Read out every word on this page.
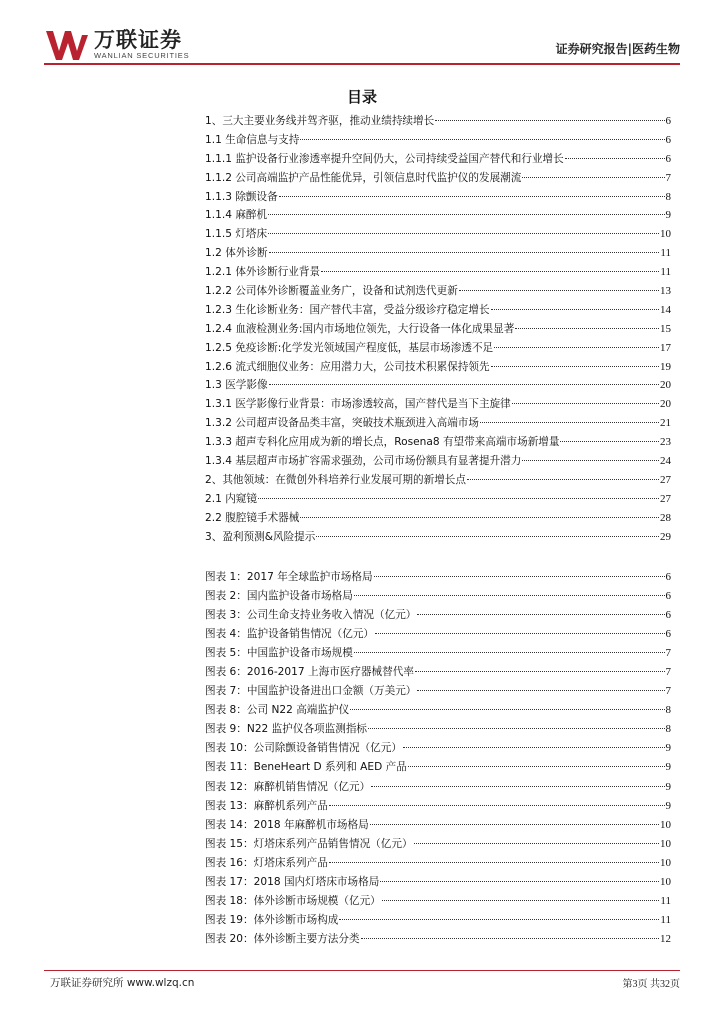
万联证券
WANLIAN SECURITIES	证券研究报告|医药生物
目录
1、三大主要业务线并驾齐驱，推动业绩持续增长	6
1.1 生命信息与支持	6
1.1.1 监护设备行业渗透率提升空间仍大，公司持续受益国产替代和行业增长	6
1.1.2 公司高端监护产品性能优异，引领信息时代监护仪的发展潮流	7
1.1.3 除颤设备	8
1.1.4 麻醉机	9
1.1.5 灯塔床	10
1.2 体外诊断	11
1.2.1 体外诊断行业背景	11
1.2.2 公司体外诊断覆盖业务广，设备和试剂迭代更新	13
1.2.3 生化诊断业务：国产替代丰富，受益分级诊疗稳定增长	14
1.2.4 血液检测业务:国内市场地位领先，大行设备一体化成果显著	15
1.2.5 免疫诊断:化学发光领域国产程度低，基层市场渗透不足	17
1.2.6 流式细胞仪业务：应用潜力大，公司技术积累保持领先	19
1.3 医学影像	20
1.3.1 医学影像行业背景：市场渗透较高，国产替代是当下主旋律	20
1.3.2 公司超声设备品类丰富，突破技术瓶颈进入高端市场	21
1.3.3 超声专科化应用成为新的增长点，Rosena8 有望带来高端市场新增量	23
1.3.4 基层超声市场扩容需求强劲，公司市场份额具有显著提升潜力	24
2、其他领域：在微创外科培养行业发展可期的新增长点	27
2.1 内窥镜	27
2.2 腹腔镜手术器械	28
3、盈利预测&风险提示	29
图表 1：2017 年全球监护市场格局	6
图表 2：国内监护设备市场格局	6
图表 3：公司生命支持业务收入情况（亿元）	6
图表 4：监护设备销售情况（亿元）	6
图表 5：中国监护设备市场规模	7
图表 6：2016-2017 上海市医疗器械替代率	7
图表 7：中国监护设备进出口金额（万美元）	7
图表 8：公司 N22 高端监护仪	8
图表 9：N22 监护仪各项监测指标	8
图表 10：公司除颤设备销售情况（亿元）	9
图表 11：BeneHeart D 系列和 AED 产品	9
图表 12：麻醉机销售情况（亿元）	9
图表 13：麻醉机系列产品	9
图表 14：2018 年麻醉机市场格局	10
图表 15：灯塔床系列产品销售情况（亿元）	10
图表 16：灯塔床系列产品	10
图表 17：2018 国内灯塔床市场格局	10
图表 18：体外诊断市场规模（亿元）	11
图表 19：体外诊断市场构成	11
图表 20：体外诊断主要方法分类	12
万联证券研究所 www.wlzq.cn	第3页 共32页
